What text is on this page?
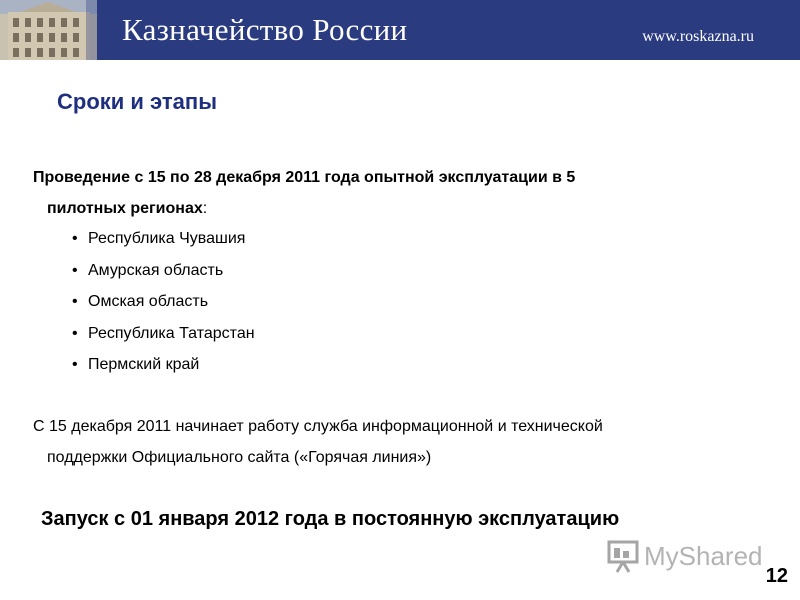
Казначейство России	www.roskazna.ru
Сроки и этапы
Проведение с 15 по 28 декабря 2011 года опытной эксплуатации в 5
пилотных регионах:
• Республика Чувашия
• Амурская область
• Омская область
• Республика Татарстан
• Пермский край
С 15 декабря 2011 начинает работу служба информационной и технической
поддержки Официального сайта («Горячая линия»)
Запуск с 01 января 2012 года в постоянную эксплуатацию
MyShared
12
